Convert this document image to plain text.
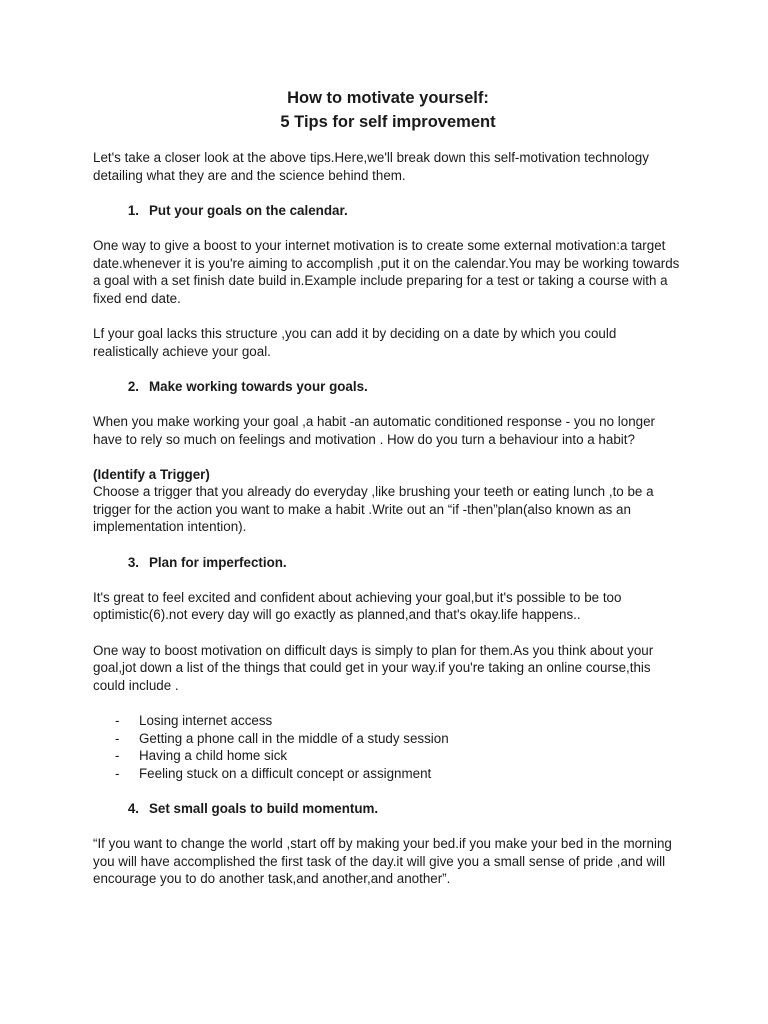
How to motivate yourself:
5 Tips for self improvement

Let's take a closer look at the above tips.Here,we'll break down this self-motivation technology detailing what they are and the science behind them.

1. Put your goals on the calendar.

One way to give a boost to your internet motivation is to create some external motivation:a target date.whenever it is you're aiming to accomplish ,put it on the calendar.You may be working towards a goal with a set finish date build in.Example include preparing for a test or taking a course with a fixed end date.

Lf your goal lacks this structure ,you can add it by deciding on a date by which you could realistically achieve your goal.

2. Make working towards your goals.

When you make working your goal ,a habit -an automatic conditioned response - you no longer have to rely so much on feelings and motivation . How do you turn a behaviour into a habit?

(Identify a Trigger)

Choose a trigger that you already do everyday ,like brushing your teeth or eating lunch ,to be a trigger for the action you want to make a habit .Write out an “if -then”plan(also known as an implementation intention).

3. Plan for imperfection.

It's great to feel excited and confident about achieving your goal,but it's possible to be too optimistic(6).not every day will go exactly as planned,and that's okay.life happens..

One way to boost motivation on difficult days is simply to plan for them.As you think about your goal,jot down a list of the things that could get in your way.if you're taking an online course,this could include .

-	Losing internet access
-	Getting a phone call in the middle of a study session
-	Having a child home sick
-	Feeling stuck on a difficult concept or assignment
4. Set small goals to build momentum.

“If you want to change the world ,start off by making your bed.if you make your bed in the morning you will have accomplished the first task of the day.it will give you a small sense of pride ,and will encourage you to do another task,and another,and another”.
